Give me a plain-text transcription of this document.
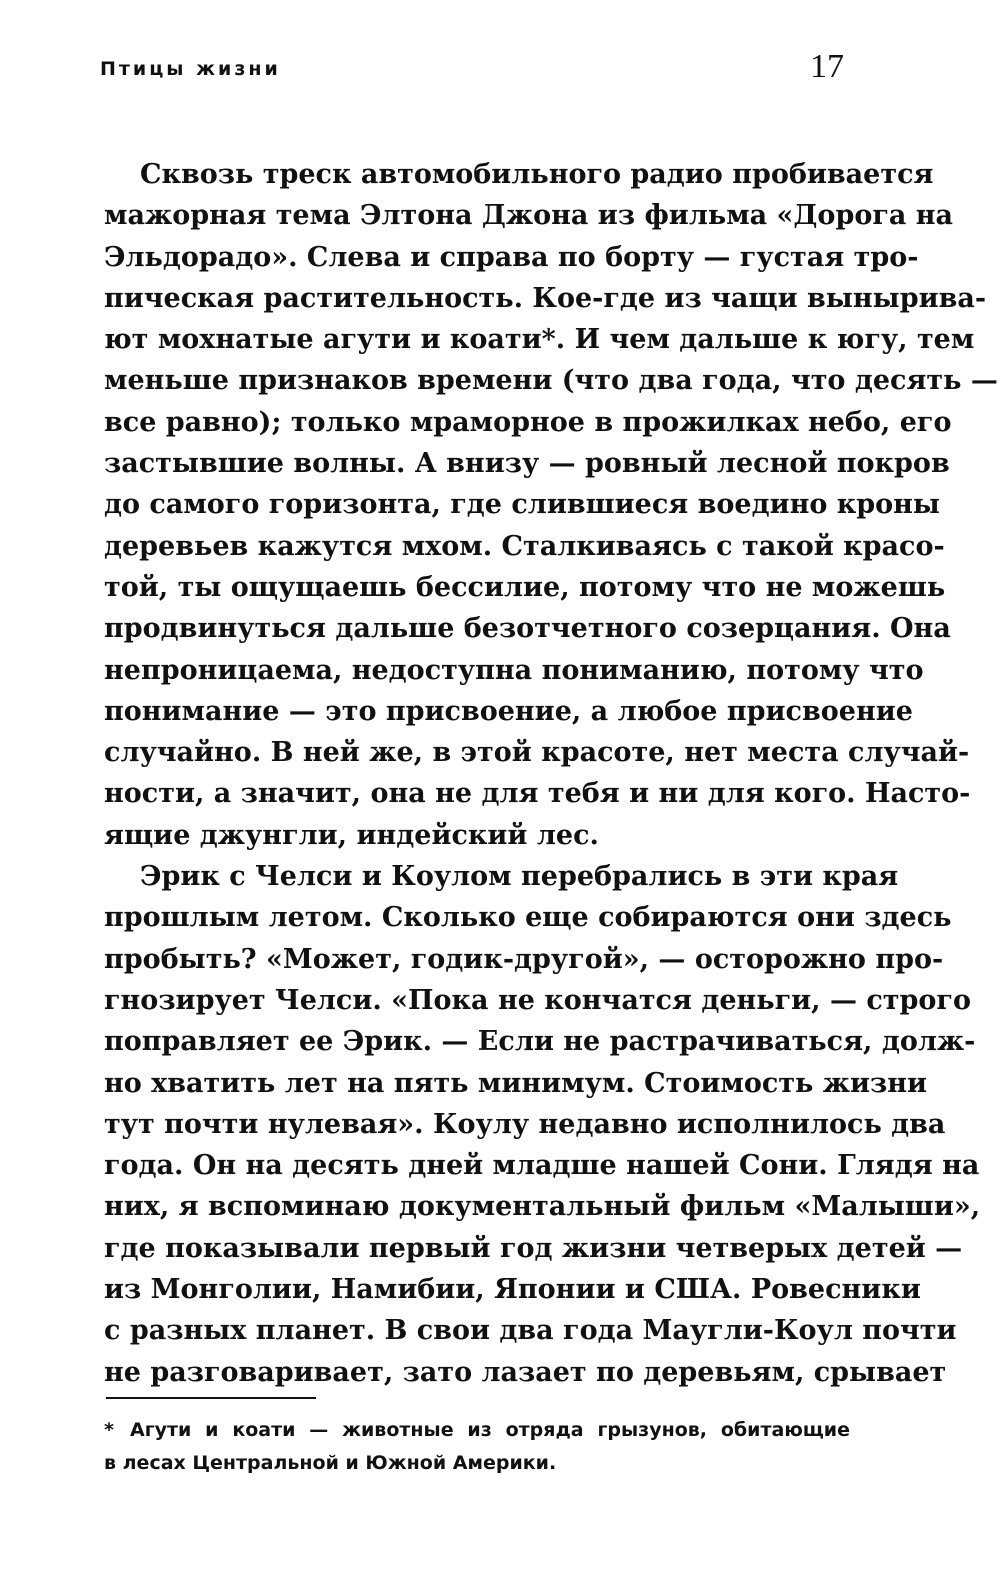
Птицы жизни	17
Сквозь треск автомобильного радио пробивается
мажорная тема Элтона Джона из фильма «Дорога на
Эльдорадо». Слева и справа по борту — густая тро-
пическая растительность. Кое-где из чащи вынырива-
ют мохнатые агути и коати*. И чем дальше к югу, тем
меньше признаков времени (что два года, что десять —
все равно); только мраморное в прожилках небо, его
застывшие волны. А внизу — ровный лесной покров
до самого горизонта, где слившиеся воедино кроны
деревьев кажутся мхом. Сталкиваясь с такой красо-
той, ты ощущаешь бессилие, потому что не можешь
продвинуться дальше безотчетного созерцания. Она
непроницаема, недоступна пониманию, потому что
понимание — это присвоение, а любое присвоение
случайно. В ней же, в этой красоте, нет места случай-
ности, а значит, она не для тебя и ни для кого. Насто-
ящие джунгли, индейский лес.
Эрик с Челси и Коулом перебрались в эти края
прошлым летом. Сколько еще собираются они здесь
пробыть? «Может, годик-другой», — осторожно про-
гнозирует Челси. «Пока не кончатся деньги, — строго
поправляет ее Эрик. — Если не растрачиваться, долж-
но хватить лет на пять минимум. Стоимость жизни
тут почти нулевая». Коулу недавно исполнилось два
года. Он на десять дней младше нашей Сони. Глядя на
них, я вспоминаю документальный фильм «Малыши»,
где показывали первый год жизни четверых детей —
из Монголии, Намибии, Японии и США. Ровесники
с разных планет. В свои два года Маугли-Коул почти
не разговаривает, зато лазает по деревьям, срывает
* Агути и коати — животные из отряда грызунов, обитающие
в лесах Центральной и Южной Америки.
